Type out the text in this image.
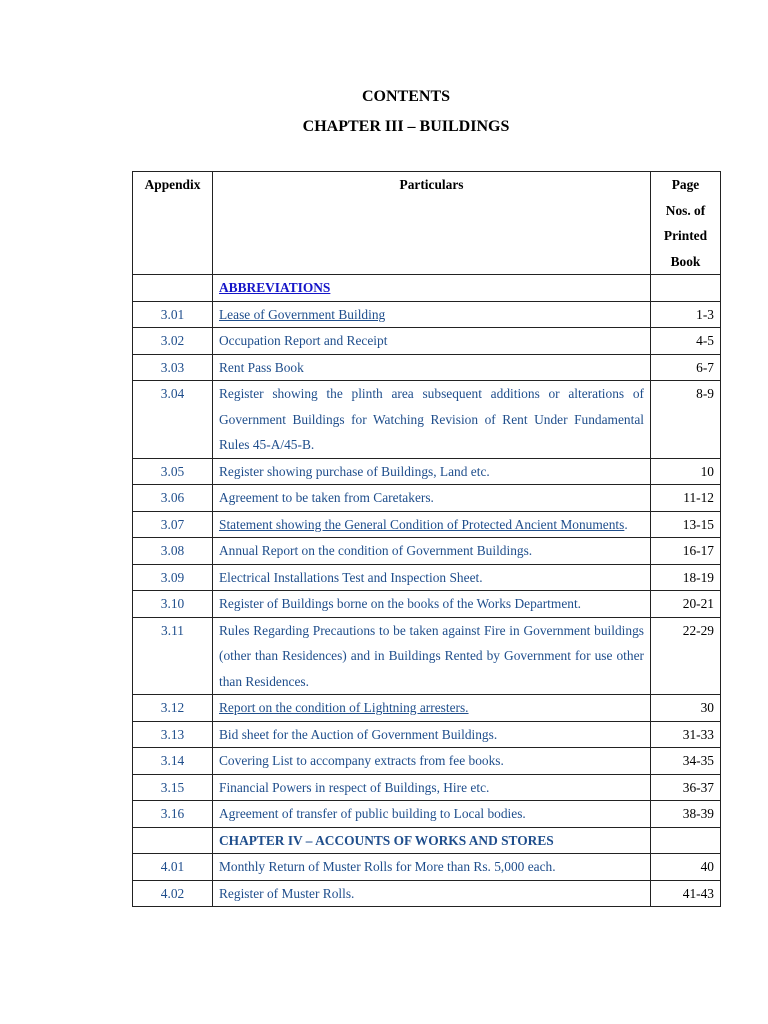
CONTENTS
CHAPTER III – BUILDINGS
Appendix	Particulars	Page
Nos. of
Printed
Book

	ABBREVIATIONS	
3.01	Lease of Government Building	1-3
3.02	Occupation Report and Receipt	4-5
3.03	Rent Pass Book	6-7
3.04	Register showing the plinth area subsequent additions or alterations of Government Buildings for Watching Revision of Rent Under Fundamental Rules 45-A/45-B.	8-9
3.05	Register showing purchase of Buildings, Land etc.	10
3.06	Agreement to be taken from Caretakers.	11-12
3.07	Statement showing the General Condition of Protected Ancient Monuments.	13-15
3.08	Annual Report on the condition of Government Buildings.	16-17
3.09	Electrical Installations Test and Inspection Sheet.	18-19
3.10	Register of Buildings borne on the books of the Works Department.	20-21
3.11	Rules Regarding Precautions to be taken against Fire in Government buildings (other than Residences) and in Buildings Rented by Government for use other than Residences.	22-29
3.12	Report on the condition of Lightning arresters.	30
3.13	Bid sheet for the Auction of Government Buildings.	31-33
3.14	Covering List to accompany extracts from fee books.	34-35
3.15	Financial Powers in respect of Buildings, Hire etc.	36-37
3.16	Agreement of transfer of public building to Local bodies.	38-39
	CHAPTER IV – ACCOUNTS OF WORKS AND STORES	
4.01	Monthly Return of Muster Rolls for More than Rs. 5,000 each.	40
4.02	Register of Muster Rolls.	41-43
